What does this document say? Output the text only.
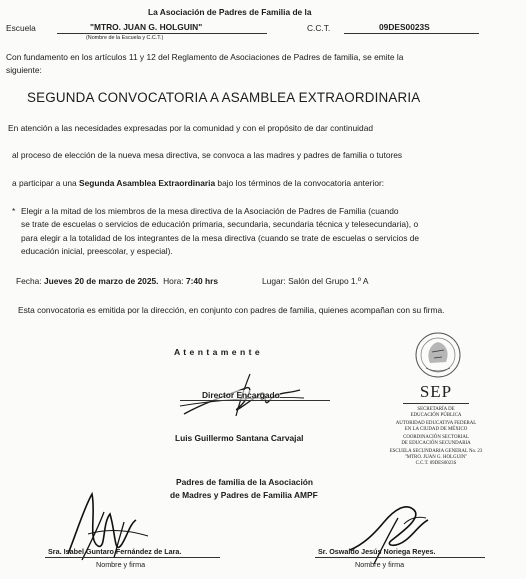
La Asociación de Padres de Familia de la
Escuela	"MTRO. JUAN G. HOLGUIN"
(Nombre de la Escuela y C.C.T.)
C.C.T.	09DES0023S
Con fundamento en los artículos 11 y 12 del Reglamento de Asociaciones de Padres de familia, se emite la
siguiente:
SEGUNDA CONVOCATORIA A ASAMBLEA EXTRAORDINARIA
En atención a las necesidades expresadas por la comunidad y con el propósito de dar continuidad
al proceso de elección de la nueva mesa directiva, se convoca a las madres y padres de familia o tutores
a participar a una Segunda Asamblea Extraordinaria bajo los términos de la convocatoria anterior:
* Elegir a la mitad de los miembros de la mesa directiva de la Asociación de Padres de Familia (cuando
se trate de escuelas o servicios de educación primaria, secundaria, secundaria técnica y telesecundaria), o
para elegir a la totalidad de los integrantes de la mesa directiva (cuando se trate de escuelas o servicios de
educación inicial, preescolar, y especial).
Fecha: Jueves 20 de marzo de 2025.  Hora: 7:40 hrs	Lugar: Salón del Grupo 1.º A
Esta convocatoria es emitida por la dirección, en conjunto con padres de familia, quienes acompañan con su firma.
A t e n t a m e n t e
Director Encargado
Luis Guillermo Santana Carvajal
SEP
SECRETARÍA DE
EDUCACIÓN PÚBLICA
AUTORIDAD EDUCATIVA FEDERAL
EN LA CIUDAD DE MÉXICO
COORDINACIÓN SECTORIAL
DE EDUCACIÓN SECUNDARIA
ESCUELA SECUNDARIA GENERAL No. 23
"MTRO. JUAN G. HOLGUIN"
C.C.T. 09DES0023S
Padres de familia de la Asociación
de Madres y Padres de Familia AMPF
Sra. Isabel Guntaro Fernández de Lara.
Nombre y firma
Sr. Oswaldo Jesús Noriega Reyes.
Nombre y firma
